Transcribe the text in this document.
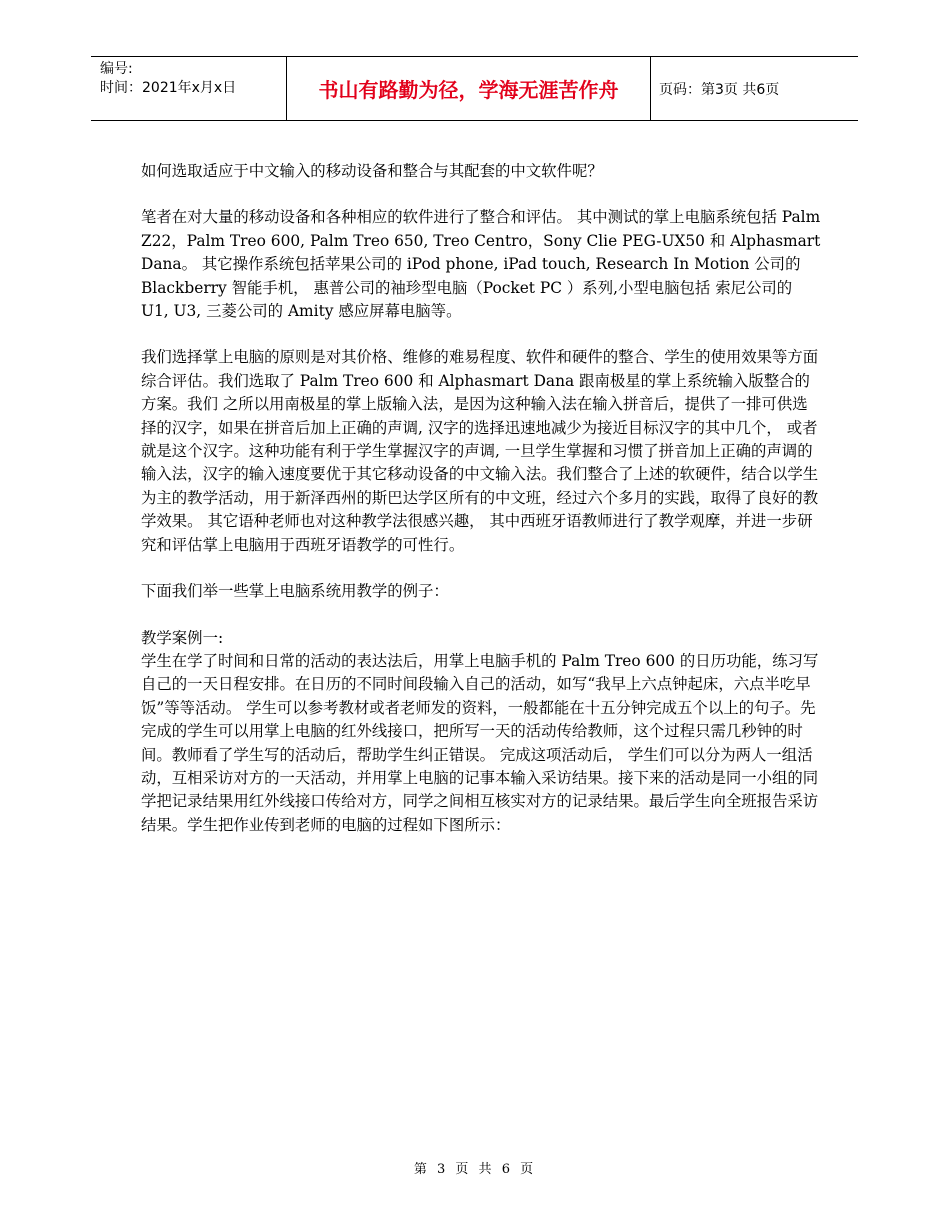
编号:
时间：2021年x月x日	书山有路勤为径，学海无涯苦作舟	页码：第3页 共6页

如何选取适应于中文输入的移动设备和整合与其配套的中文软件呢？

笔者在对大量的移动设备和各种相应的软件进行了整合和评估。 其中测试的掌上电脑系统包括 Palm Z22，Palm Treo 600, Palm Treo 650, Treo Centro，Sony Clie PEG-UX50 和 Alphasmart Dana。 其它操作系统包括苹果公司的 iPod phone, iPad touch, Research In Motion 公司的 Blackberry 智能手机， 惠普公司的袖珍型电脑（Pocket PC ）系列,小型电脑包括 索尼公司的 U1, U3, 三菱公司的 Amity 感应屏幕电脑等。

我们选择掌上电脑的原则是对其价格、维修的难易程度、软件和硬件的整合、学生的使用效果等方面综合评估。我们选取了 Palm Treo 600 和 Alphasmart Dana 跟南极星的掌上系统输入版整合的方案。我们 之所以用南极星的掌上版输入法，是因为这种输入法在输入拼音后，提供了一排可供选择的汉字，如果在拼音后加上正确的声调, 汉字的选择迅速地减少为接近目标汉字的其中几个， 或者就是这个汉字。这种功能有利于学生掌握汉字的声调, 一旦学生掌握和习惯了拼音加上正确的声调的输入法，汉字的输入速度要优于其它移动设备的中文输入法。我们整合了上述的软硬件，结合以学生为主的教学活动，用于新泽西州的斯巴达学区所有的中文班，经过六个多月的实践，取得了良好的教学效果。 其它语种老师也对这种教学法很感兴趣， 其中西班牙语教师进行了教学观摩，并进一步研究和评估掌上电脑用于西班牙语教学的可性行。

下面我们举一些掌上电脑系统用教学的例子：

教学案例一:

学生在学了时间和日常的活动的表达法后，用掌上电脑手机的 Palm Treo 600 的日历功能，练习写自己的一天日程安排。在日历的不同时间段输入自己的活动，如写“我早上六点钟起床，六点半吃早饭”等等活动。 学生可以参考教材或者老师发的资料，一般都能在十五分钟完成五个以上的句子。先完成的学生可以用掌上电脑的红外线接口，把所写一天的活动传给教师，这个过程只需几秒钟的时间。教师看了学生写的活动后，帮助学生纠正错误。 完成这项活动后， 学生们可以分为两人一组活动，互相采访对方的一天活动，并用掌上电脑的记事本输入采访结果。接下来的活动是同一小组的同学把记录结果用红外线接口传给对方，同学之间相互核实对方的记录结果。最后学生向全班报告采访结果。学生把作业传到老师的电脑的过程如下图所示：

第 3 页 共 6 页
